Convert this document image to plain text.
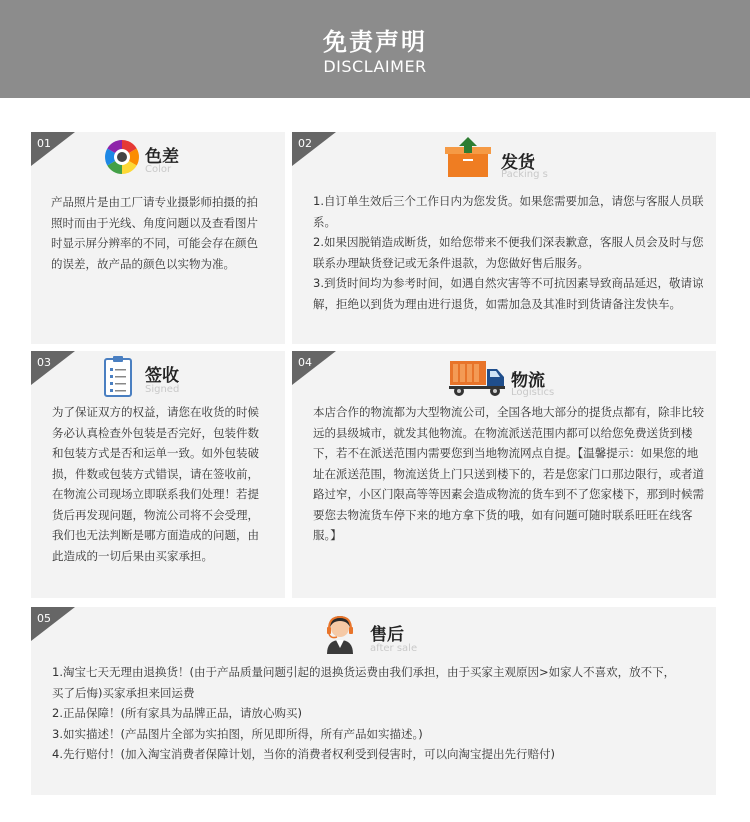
免责声明
DISCLAIMER
01
色差
Color
产品照片是由工厂请专业摄影师拍摄的拍照时而由于光线、角度问题以及查看图片时显示屏分辨率的不同，可能会存在颜色的误差，故产品的颜色以实物为准。
02
发货
Packing s

1.自订单生效后三个工作日内为您发货。如果您需要加急，请您与客服人员联系。

2.如果因脱销造成断货，如给您带来不便我们深表歉意，客服人员会及时与您联系办理缺货登记或无条件退款，为您做好售后服务。

3.到货时间均为参考时间，如遇自然灾害等不可抗因素导致商品延迟，敬请谅解，拒绝以到货为理由进行退货，如需加急及其准时到货请备注发快车。

03
签收
Signed
为了保证双方的权益，请您在收货的时候务必认真检查外包装是否完好，包装件数和包装方式是否和运单一致。如外包装破损，件数或包装方式错误，请在签收前，在物流公司现场立即联系我们处理！若提货后再发现问题，物流公司将不会受理，我们也无法判断是哪方面造成的问题，由此造成的一切后果由买家承担。
04
物流
Logistics
本店合作的物流都为大型物流公司，全国各地大部分的提货点都有，除非比较远的县级城市，就发其他物流。在物流派送范围内都可以给您免费送货到楼下，若不在派送范围内需要您到当地物流网点自提。【温馨提示：如果您的地址在派送范围，物流送货上门只送到楼下的，若是您家门口那边限行，或者道路过窄，小区门限高等等因素会造成物流的货车到不了您家楼下，那到时候需要您去物流货车停下来的地方拿下货的哦，如有问题可随时联系旺旺在线客服。】
05
售后
after sale

1.淘宝七天无理由退换货！(由于产品质量问题引起的退换货运费由我们承担，由于买家主观原因>如家人不喜欢，放不下，买了后悔)买家承担来回运费

2.正品保障！(所有家具为品牌正品，请放心购买)

3.如实描述！(产品图片全部为实拍图，所见即所得，所有产品如实描述。)

4.先行赔付！(加入淘宝消费者保障计划，当你的消费者权利受到侵害时，可以向淘宝提出先行赔付)
